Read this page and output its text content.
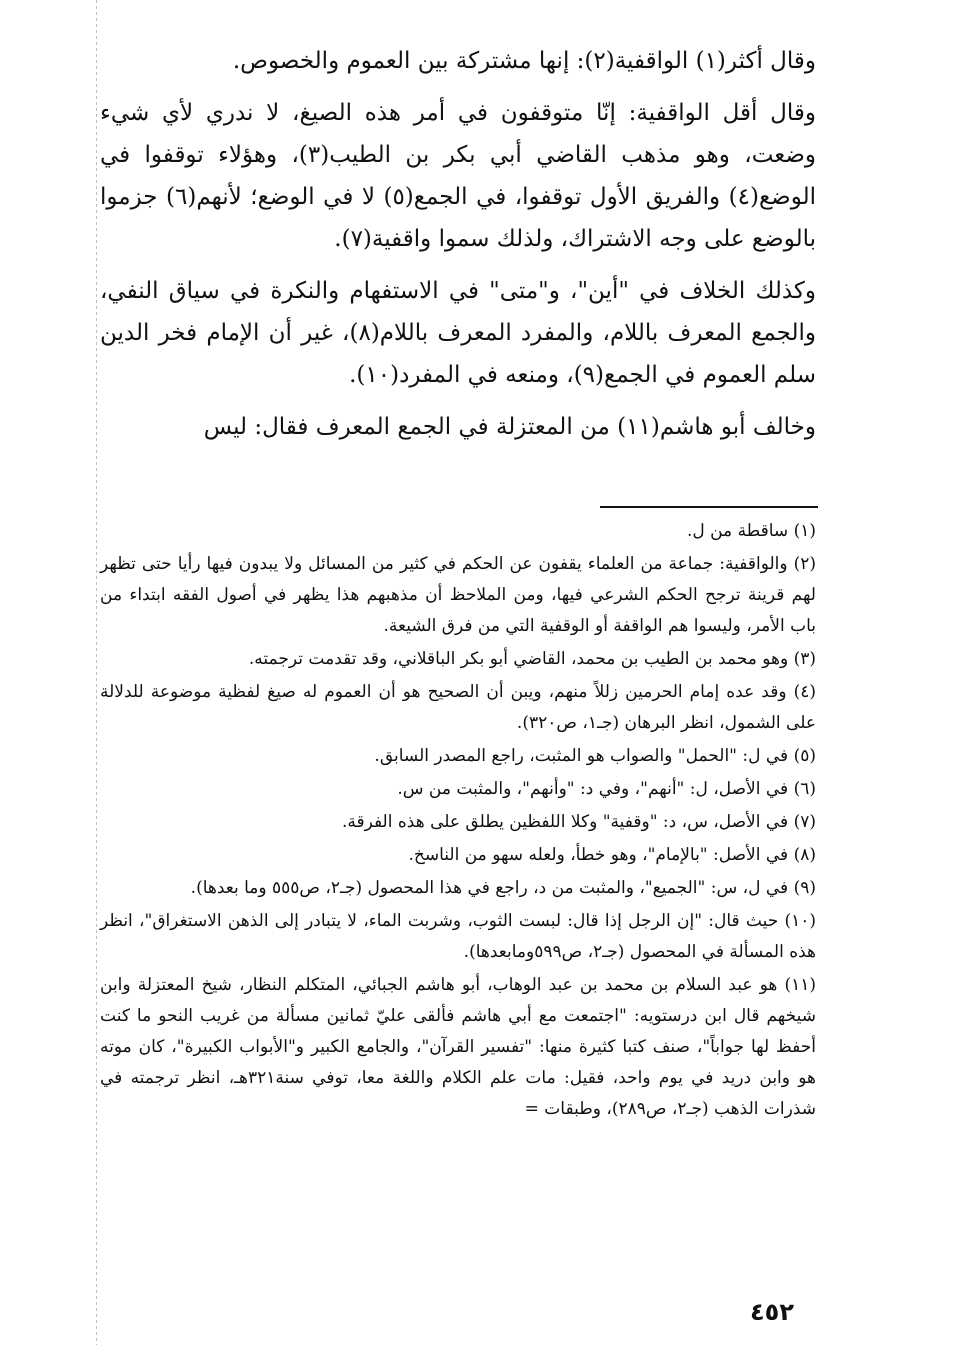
وقال أكثر(١) الواقفية(٢): إنها مشتركة بين العموم والخصوص.

وقال أقل الواقفية: إنّا متوقفون في أمر هذه الصيغ، لا ندري لأي شيء وضعت، وهو مذهب القاضي أبي بكر بن الطيب(٣)، وهؤلاء توقفوا في الوضع(٤) والفريق الأول توقفوا، في الجمع(٥) لا في الوضع؛ لأنهم(٦) جزموا بالوضع على وجه الاشتراك، ولذلك سموا واقفية(٧).

وكذلك الخلاف في "أين"، و"متى" في الاستفهام والنكرة في سياق النفي، والجمع المعرف باللام، والمفرد المعرف باللام(٨)، غير أن الإمام فخر الدين سلم العموم في الجمع(٩)، ومنعه في المفرد(١٠).

وخالف أبو هاشم(١١) من المعتزلة في الجمع المعرف فقال: ليس

(١) ساقطة من ل.

(٢) والواقفية: جماعة من العلماء يقفون عن الحكم في كثير من المسائل ولا يبدون فيها رأيا حتى تظهر لهم قرينة ترجح الحكم الشرعي فيها، ومن الملاحظ أن مذهبهم هذا يظهر في أصول الفقه ابتداء من باب الأمر، وليسوا هم الواقفة أو الوقفية التي من فرق الشيعة.

(٣) وهو محمد بن الطيب بن محمد، القاضي أبو بكر الباقلاني، وقد تقدمت ترجمته.

(٤) وقد عده إمام الحرمين زللاً منهم، ويبن أن الصحيح هو أن العموم له صيغ لفظية موضوعة للدلالة على الشمول، انظر البرهان (جـ١، ص٣٢٠).

(٥) في ل: "الحمل" والصواب هو المثبت، راجع المصدر السابق.

(٦) في الأصل، ل: "أنهم"، وفي د: "وأنهم"، والمثبت من س.

(٧) في الأصل، س، د: "وقفية" وكلا اللفظين يطلق على هذه الفرقة.

(٨) في الأصل: "بالإمام"، وهو خطأ، ولعله سهو من الناسخ.

(٩) في ل، س: "الجميع"، والمثبت من د، راجع في هذا المحصول (جـ٢، ص٥٥٥ وما بعدها).

(١٠) حيث قال: "إن الرجل إذا قال: لبست الثوب، وشربت الماء، لا يتبادر إلى الذهن الاستغراق"، انظر هذه المسألة في المحصول (جـ٢، ص٥٩٩ومابعدها).

(١١) هو عبد السلام بن محمد بن عبد الوهاب، أبو هاشم الجبائي، المتكلم النظار، شيخ المعتزلة وابن شيخهم قال ابن درستويه: "اجتمعت مع أبي هاشم فألقى عليّ ثمانين مسألة من غريب النحو ما كنت أحفظ لها جواباً"، صنف كتبا كثيرة منها: "تفسير القرآن"، والجامع الكبير و"الأبواب الكبيرة"، كان موته هو وابن دريد في يوم واحد، فقيل: مات علم الكلام واللغة معا، توفي سنة٣٢١هـ، انظر ترجمته في شذرات الذهب (جـ٢، ص٢٨٩)، وطبقات =

٤٥٢
